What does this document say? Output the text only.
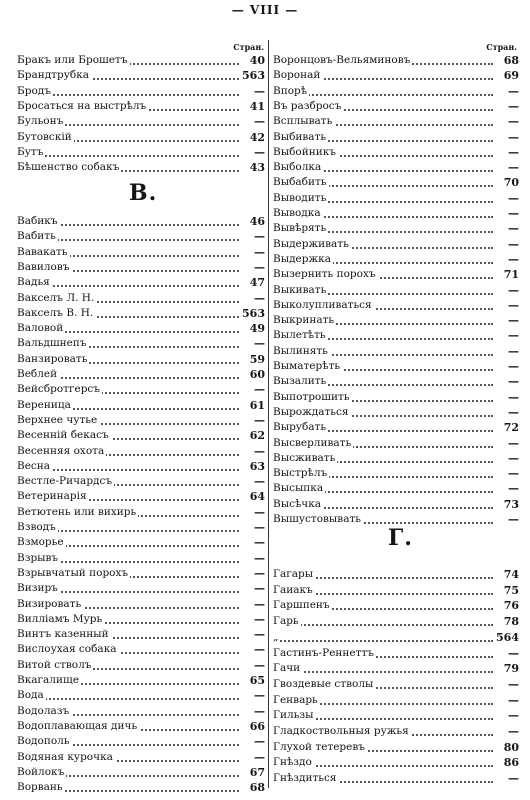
— VIII —
Стран.
Бракъ или Брошетъ	40
Брандтрубка	563
Бродъ	—
Бросаться на выстрѣлъ	41
Бульонъ	—
Бутовскій	42
Бутъ	—
Бѣшенство собакъ	43
В.
Вабикъ	46
Вабить	—
Вавакать	—
Вавиловъ	—
Вадья	47
Вакселъ Л. Н.	—
Вакселъ В. Н.	563
Валовой	49
Вальдшнепъ	—
Ванзировать	59
Веблей	60
Вейсбротгерсъ	—
Вереница	61
Верхнее чутье	—
Весенній бекасъ	62
Весенняя охота	—
Весна	63
Вестле-Ричардсъ	—
Ветеринарія	64
Ветютень или вихирь	—
Взводъ	—
Взморье	—
Взрывъ	—
Взрывчатый порохъ	—
Визиръ	—
Визировать	—
Вилліамъ Мурь	—
Винтъ казенный	—
Вислоухая собака	—
Витой стволъ	—
Вкагалище	65
Вода	—
Водолазъ	—
Водоплавающая дичь	66
Водополь	—
Водяная курочка	—
Войлокъ	67
Ворвань	68
Стран.
Воронцовъ-Вельяминовъ	68
Воронай	69
Впорѣ	—
Въ разбросъ	—
Всплывать	—
Выбивать	—
Выбойникъ	—
Выболка	—
Выбабить	70
Выводить	—
Выводка	—
Вывѣрять	—
Выдерживать	—
Выдержка	—
Вызернить порохъ	71
Выкивать	—
Выколупливаться	—
Выкринать	—
Вылетѣть	—
Вылинять	—
Выматерѣть	—
Вызалить	—
Выпотрошить	—
Вырождаться	—
Вырубать	72
Высверливать	—
Высживать	—
Выстрѣлъ	—
Высыпка	—
Высѣчка	73
Вышустовывать	—
Г.
Гагары	74
Гаиакъ	75
Гаршпенъ	76
Гарь	78
„	564
Гастинъ-Реннеттъ	—
Гачи	79
Гвоздевые стволы	—
Генварь	—
Гильзы	—
Гладкоствольныя ружья	—
Глухой тетеревъ	80
Гнѣздо	86
Гнѣздиться	—
